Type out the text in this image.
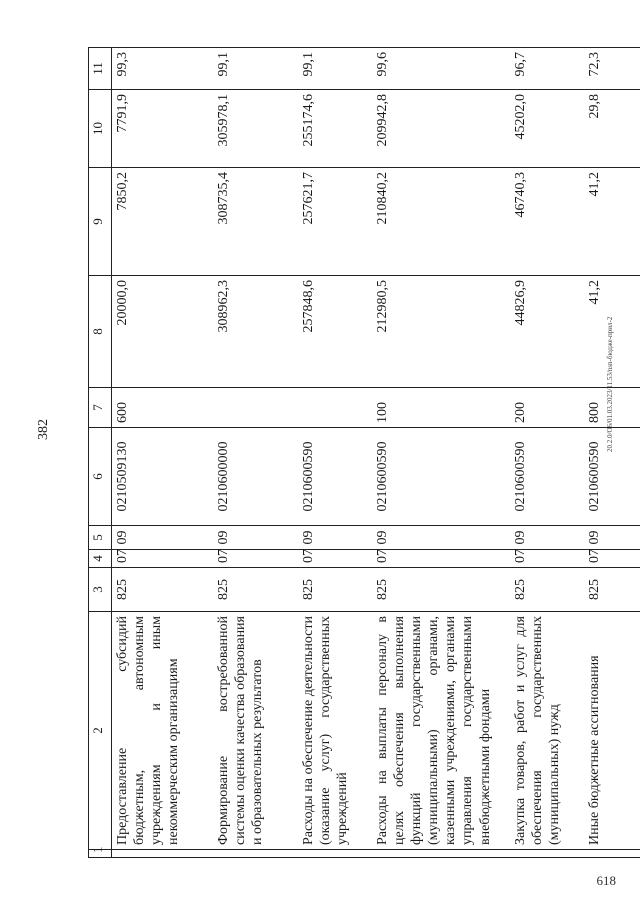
382
618
20.2.0/O6/01.03.2023/11.53/nsn-бюдже-прил-2
1	2	3	4	5	6	7	8	9	10	11
	Предоставление субсидий бюджетным, автономным учреждениям и иным некоммерческим организациям	825	07	09	0210509130	600	20000,0	7850,2	7791,9	99,3
	Формирование востребованной системы оценки качества образования и образовательных результатов	825	07	09	0210600000		308962,3	308735,4	305978,1	99,1
	Расходы на обеспечение деятельности (оказание услуг) государственных учреждений	825	07	09	0210600590		257848,6	257621,7	255174,6	99,1
	Расходы на выплаты персоналу в целях обеспечения выполнения функций государственными (муниципальными) органами, казенными учреждениями, органами управления государственными внебюджетными фондами	825	07	09	0210600590	100	212980,5	210840,2	209942,8	99,6
	Закупка товаров, работ и услуг для обеспечения государственных (муниципальных) нужд	825	07	09	0210600590	200	44826,9	46740,3	45202,0	96,7
	Иные бюджетные ассигнования	825	07	09	0210600590	800	41,2	41,2	29,8	72,3
